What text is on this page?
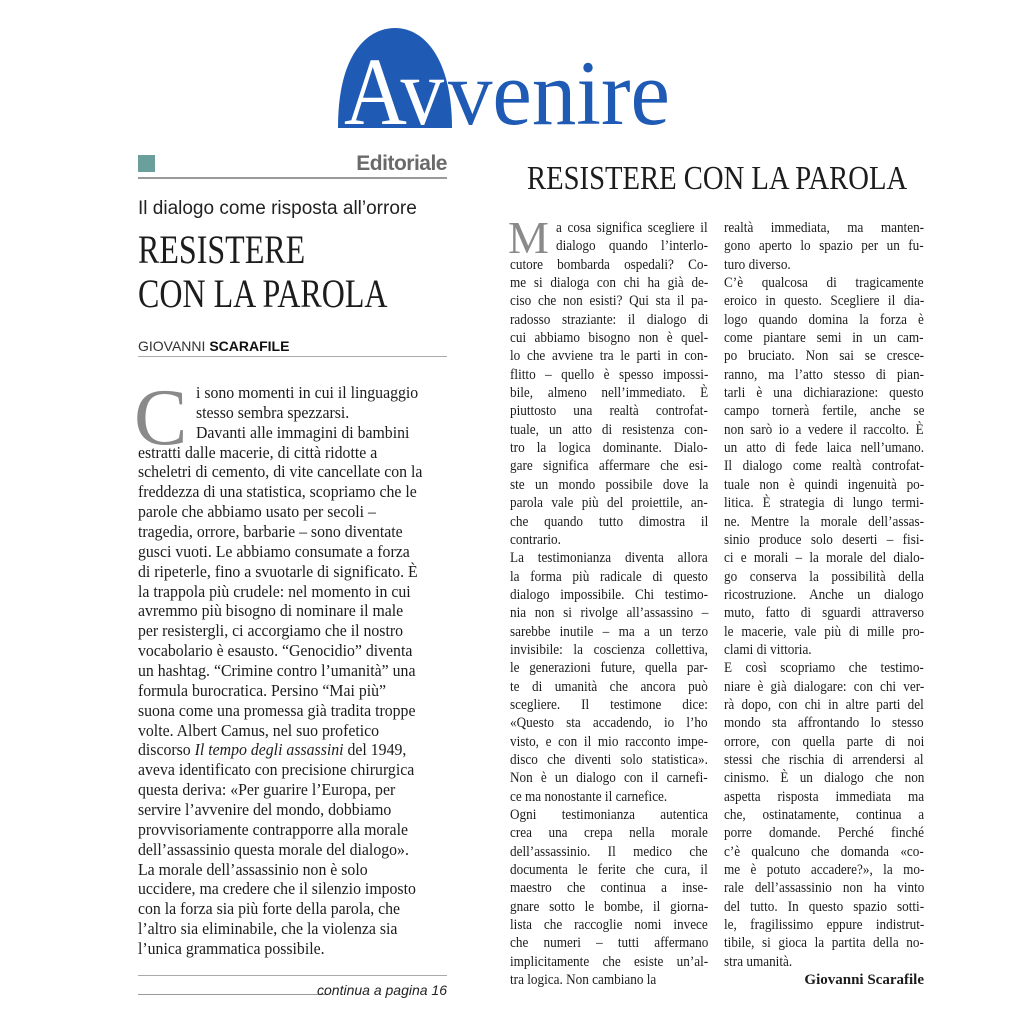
Av venire
Editoriale
Il dialogo come risposta all’orrore
RESISTERE
CON LA PAROLA
GIOVANNI SCARAFILE
C i sono momenti in cui il linguaggio
stesso sembra spezzarsi.
Davanti alle immagini di bambini
estratti dalle macerie, di città ridotte a
scheletri di cemento, di vite cancellate con la
freddezza di una statistica, scopriamo che le
parole che abbiamo usato per secoli –
tragedia, orrore, barbarie – sono diventate
gusci vuoti. Le abbiamo consumate a forza
di ripeterle, fino a svuotarle di significato. È
la trappola più crudele: nel momento in cui
avremmo più bisogno di nominare il male
per resistergli, ci accorgiamo che il nostro
vocabolario è esausto. “Genocidio” diventa
un hashtag. “Crimine contro l’umanità” una
formula burocratica. Persino “Mai più”
suona come una promessa già tradita troppe
volte. Albert Camus, nel suo profetico
discorso Il tempo degli assassini del 1949,
aveva identificato con precisione chirurgica
questa deriva: «Per guarire l’Europa, per
servire l’avvenire del mondo, dobbiamo
provvisoriamente contrapporre alla morale
dell’assassinio questa morale del dialogo».
La morale dell’assassinio non è solo
uccidere, ma credere che il silenzio imposto
con la forza sia più forte della parola, che
l’altro sia eliminabile, che la violenza sia
l’unica grammatica possibile.
continua a pagina 16
RESISTERE CON LA PAROLA
M a cosa significa scegliere il
dialogo quando l’interlo-
cutore bombarda ospedali? Co-
me si dialoga con chi ha già de-
ciso che non esisti? Qui sta il pa-
radosso straziante: il dialogo di
cui abbiamo bisogno non è quel-
lo che avviene tra le parti in con-
flitto – quello è spesso impossi-
bile, almeno nell’immediato. È
piuttosto una realtà controfat-
tuale, un atto di resistenza con-
tro la logica dominante. Dialo-
gare significa affermare che esi-
ste un mondo possibile dove la
parola vale più del proiettile, an-
che quando tutto dimostra il
contrario.
La testimonianza diventa allora
la forma più radicale di questo
dialogo impossibile. Chi testimo-
nia non si rivolge all’assassino –
sarebbe inutile – ma a un terzo
invisibile: la coscienza collettiva,
le generazioni future, quella par-
te di umanità che ancora può
scegliere. Il testimone dice:
«Questo sta accadendo, io l’ho
visto, e con il mio racconto impe-
disco che diventi solo statistica».
Non è un dialogo con il carnefi-
ce ma nonostante il carnefice.
Ogni testimonianza autentica
crea una crepa nella morale
dell’assassinio. Il medico che
documenta le ferite che cura, il
maestro che continua a inse-
gnare sotto le bombe, il giorna-
lista che raccoglie nomi invece
che numeri – tutti affermano
implicitamente che esiste un’al-
tra logica. Non cambiano la
realtà immediata, ma manten-
gono aperto lo spazio per un fu-
turo diverso.
C’è qualcosa di tragicamente
eroico in questo. Scegliere il dia-
logo quando domina la forza è
come piantare semi in un cam-
po bruciato. Non sai se cresce-
ranno, ma l’atto stesso di pian-
tarli è una dichiarazione: questo
campo tornerà fertile, anche se
non sarò io a vedere il raccolto. È
un atto di fede laica nell’umano.
Il dialogo come realtà controfat-
tuale non è quindi ingenuità po-
litica. È strategia di lungo termi-
ne. Mentre la morale dell’assas-
sinio produce solo deserti – fisi-
ci e morali – la morale del dialo-
go conserva la possibilità della
ricostruzione. Anche un dialogo
muto, fatto di sguardi attraverso
le macerie, vale più di mille pro-
clami di vittoria.
E così scopriamo che testimo-
niare è già dialogare: con chi ver-
rà dopo, con chi in altre parti del
mondo sta affrontando lo stesso
orrore, con quella parte di noi
stessi che rischia di arrendersi al
cinismo. È un dialogo che non
aspetta risposta immediata ma
che, ostinatamente, continua a
porre domande. Perché finché
c’è qualcuno che domanda «co-
me è potuto accadere?», la mo-
rale dell’assassinio non ha vinto
del tutto. In questo spazio sotti-
le, fragilissimo eppure indistrut-
tibile, si gioca la partita della no-
stra umanità.
Giovanni Scarafile
